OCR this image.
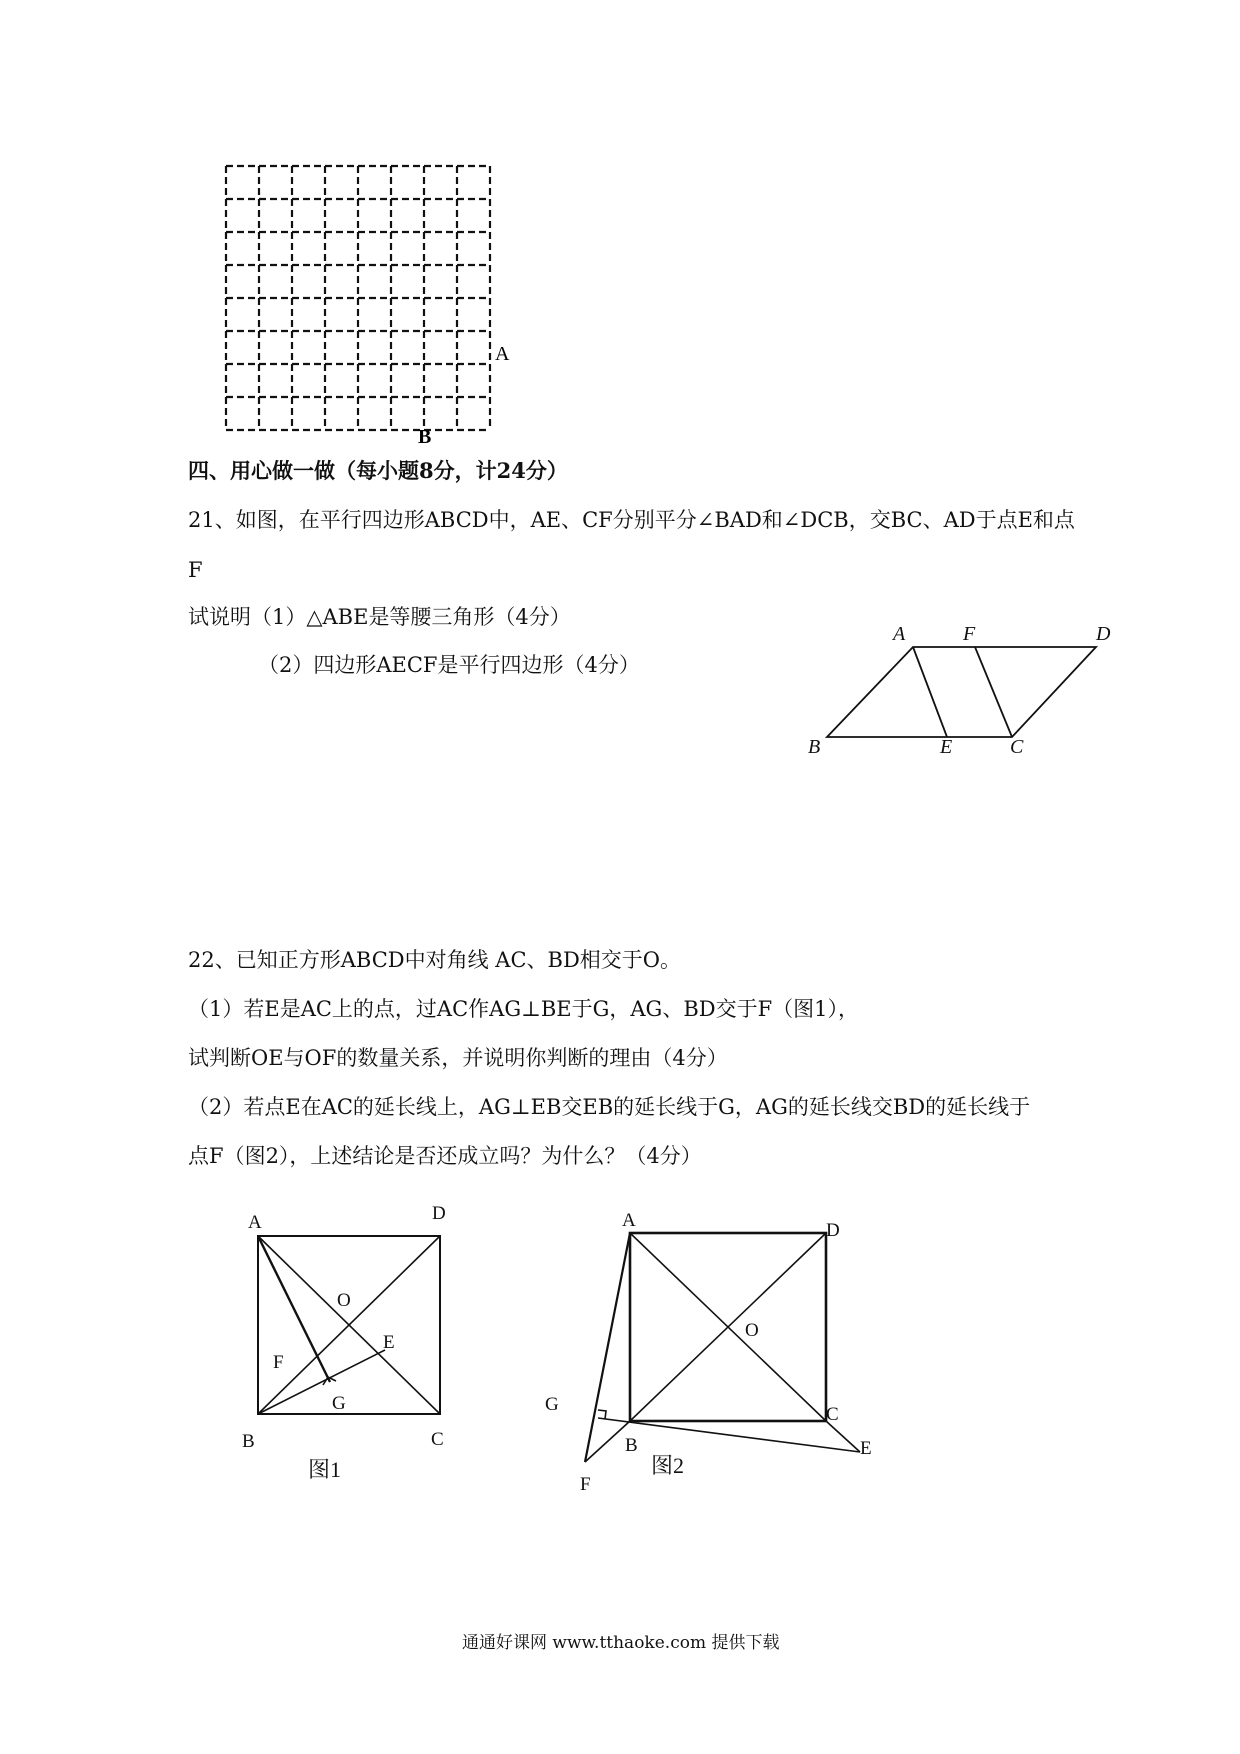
A
B
四、用心做一做（每小题8分，计24分）
21、如图，在平行四边形ABCD中，AE、CF分别平分∠BAD和∠DCB，交BC、AD于点E和点
F
试说明（1）△ABE是等腰三角形（4分）
（2）四边形AECF是平行四边形（4分）
A	F	D
B	E	C
22、已知正方形ABCD中对角线 AC、BD相交于O。
（1）若E是AC上的点，过AC作AG⊥BE于G，AG、BD交于F（图1），
试判断OE与OF的数量关系，并说明你判断的理由（4分）
（2）若点E在AC的延长线上，AG⊥EB交EB的延长线于G，AG的延长线交BD的延长线于
点F（图2），上述结论是否还成立吗？为什么？（4分）
A	D
O
E
F
G
B	C
图1
A	D
O
G	C
B	E
F
图2
通通好课网 www.tthaoke.com 提供下载
